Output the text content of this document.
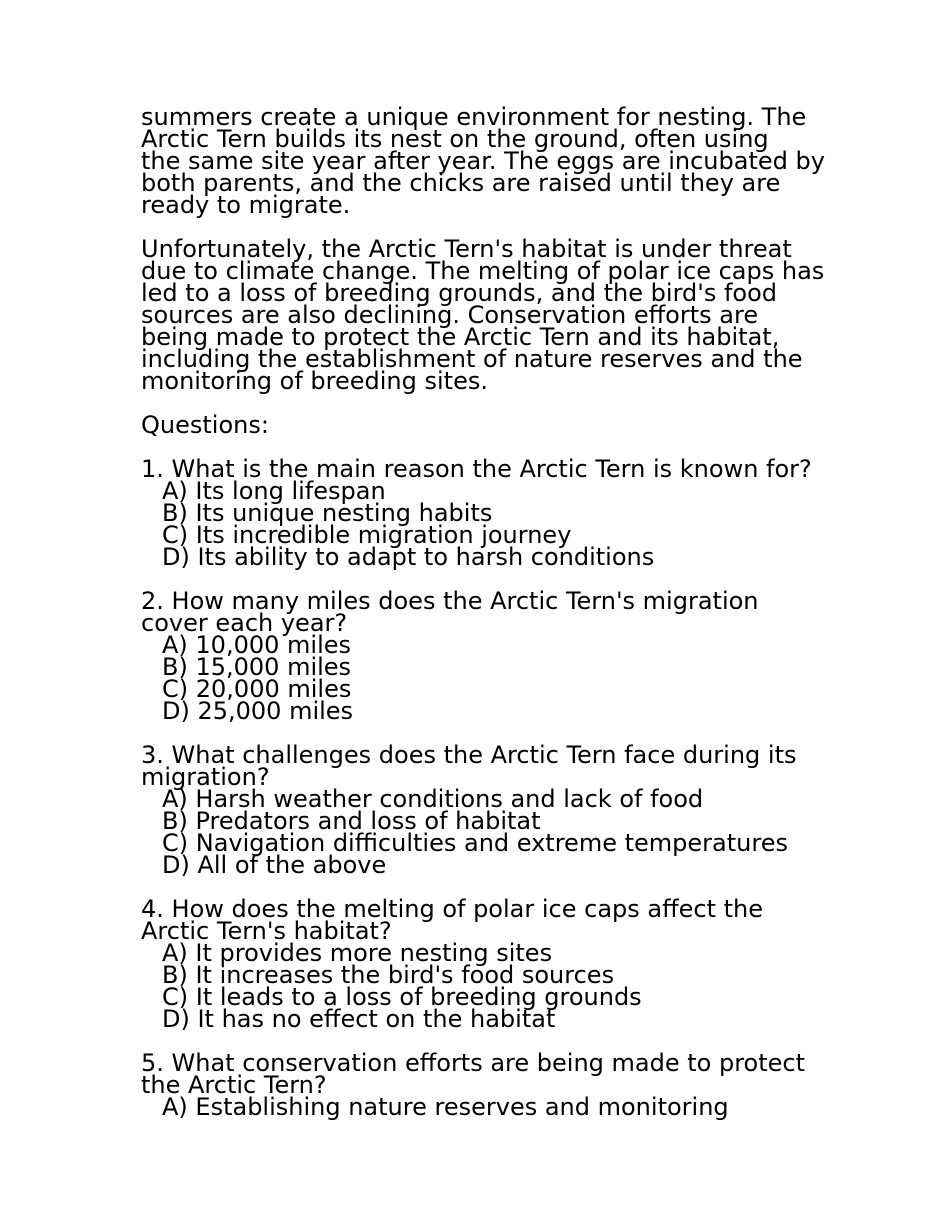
summers create a unique environment for nesting. The
Arctic Tern builds its nest on the ground, often using
the same site year after year. The eggs are incubated by
both parents, and the chicks are raised until they are
ready to migrate.
Unfortunately, the Arctic Tern's habitat is under threat
due to climate change. The melting of polar ice caps has
led to a loss of breeding grounds, and the bird's food
sources are also declining. Conservation efforts are
being made to protect the Arctic Tern and its habitat,
including the establishment of nature reserves and the
monitoring of breeding sites.
Questions:
1. What is the main reason the Arctic Tern is known for?
A) Its long lifespan
B) Its unique nesting habits
C) Its incredible migration journey
D) Its ability to adapt to harsh conditions
2. How many miles does the Arctic Tern's migration
cover each year?
A) 10,000 miles
B) 15,000 miles
C) 20,000 miles
D) 25,000 miles
3. What challenges does the Arctic Tern face during its
migration?
A) Harsh weather conditions and lack of food
B) Predators and loss of habitat
C) Navigation difficulties and extreme temperatures
D) All of the above
4. How does the melting of polar ice caps affect the
Arctic Tern's habitat?
A) It provides more nesting sites
B) It increases the bird's food sources
C) It leads to a loss of breeding grounds
D) It has no effect on the habitat
5. What conservation efforts are being made to protect
the Arctic Tern?
A) Establishing nature reserves and monitoring
